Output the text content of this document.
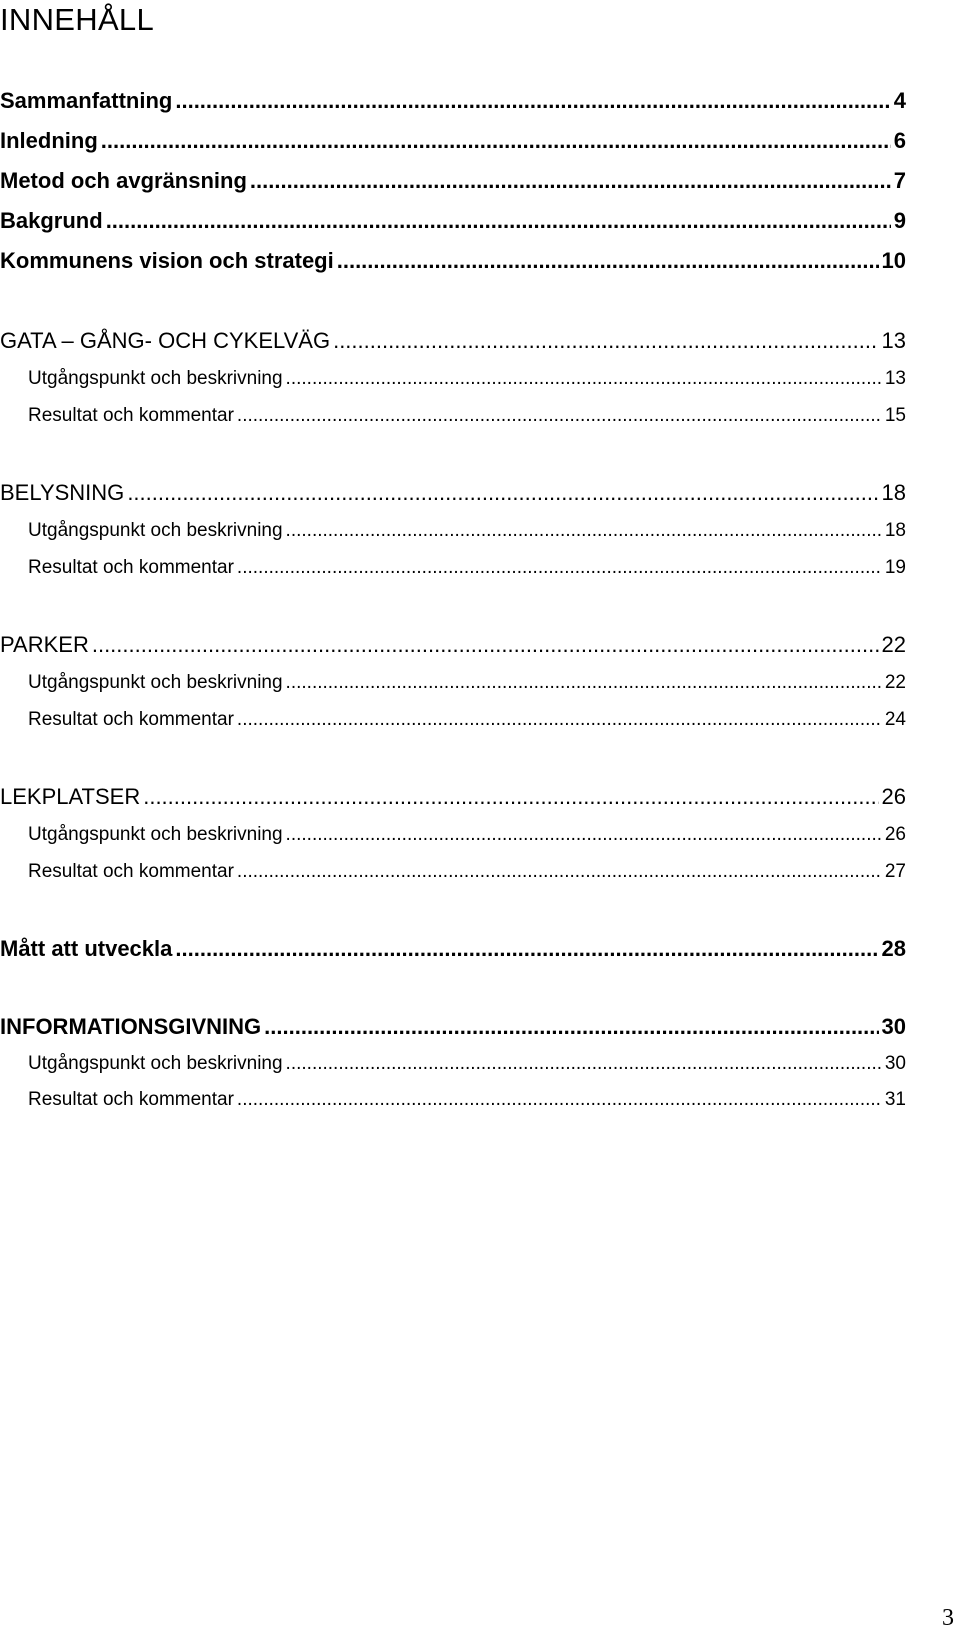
INNEHÅLL
Sammanfattning .....	4
Inledning .....	6
Metod och avgränsning .....	7
Bakgrund .....	9
Kommunens vision och strategi .....	10
GATA – GÅNG- OCH CYKELVÄG .....	13
Utgångspunkt och beskrivning .....	13
Resultat och kommentar .....	15
BELYSNING .....	18
Utgångspunkt och beskrivning .....	18
Resultat och kommentar .....	19
PARKER .....	22
Utgångspunkt och beskrivning .....	22
Resultat och kommentar .....	24
LEKPLATSER .....	26
Utgångspunkt och beskrivning .....	26
Resultat och kommentar .....	27
Mått att utveckla .....	28
INFORMATIONSGIVNING .....	30
Utgångspunkt och beskrivning .....	30
Resultat och kommentar .....	31
3
